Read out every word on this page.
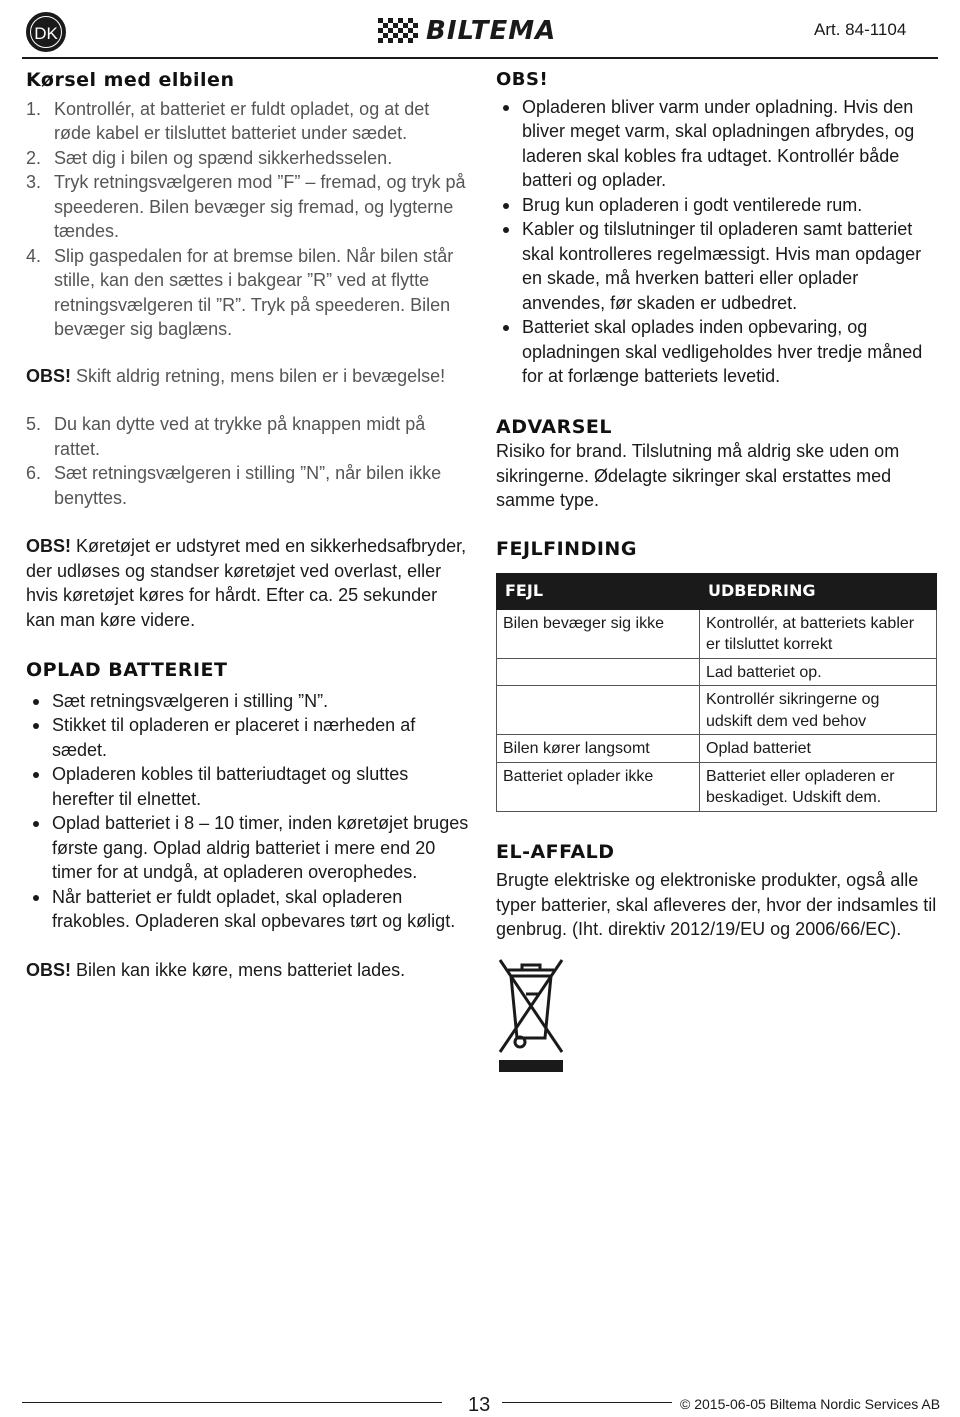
DK	BILTEMA	Art. 84-1104
Kørsel med elbilen
1. Kontrollér, at batteriet er fuldt opladet, og at det røde kabel er tilsluttet batteriet under sædet.
2. Sæt dig i bilen og spænd sikkerhedsselen.
3. Tryk retningsvælgeren mod ”F” – fremad, og tryk på speederen. Bilen bevæger sig fremad, og lygterne tændes.
4. Slip gaspedalen for at bremse bilen. Når bilen står stille, kan den sættes i bakgear ”R” ved at flytte retningsvælgeren til ”R”. Tryk på speederen. Bilen bevæger sig baglæns.
OBS! Skift aldrig retning, mens bilen er i bevægelse!
5. Du kan dytte ved at trykke på knappen midt på rattet.
6. Sæt retningsvælgeren i stilling ”N”, når bilen ikke benyttes.
OBS! Køretøjet er udstyret med en sikkerhedsafbryder, der udløses og standser køretøjet ved overlast, eller hvis køretøjet køres for hårdt. Efter ca. 25 sekunder kan man køre videre.
OPLAD BATTERIET
Sæt retningsvælgeren i stilling ”N”.
Stikket til opladeren er placeret i nærheden af sædet.
Opladeren kobles til batteriudtaget og sluttes herefter til elnettet.
Oplad batteriet i 8 – 10 timer, inden køretøjet bruges første gang. Oplad aldrig batteriet i mere end 20 timer for at undgå, at opladeren overophedes.
Når batteriet er fuldt opladet, skal opladeren frakobles. Opladeren skal opbevares tørt og køligt.
OBS! Bilen kan ikke køre, mens batteriet lades.
OBS!
Opladeren bliver varm under opladning. Hvis den bliver meget varm, skal opladningen afbrydes, og laderen skal kobles fra udtaget. Kontrollér både batteri og oplader.
Brug kun opladeren i godt ventilerede rum.
Kabler og tilslutninger til opladeren samt batteriet skal kontrolleres regelmæssigt. Hvis man opdager en skade, må hverken batteri eller oplader anvendes, før skaden er udbedret.
Batteriet skal oplades inden opbevaring, og opladningen skal vedligeholdes hver tredje måned for at forlænge batteriets levetid.
ADVARSEL
Risiko for brand. Tilslutning må aldrig ske uden om sikringerne. Ødelagte sikringer skal erstattes med samme type.
FEJLFINDING
FEJL	UDBEDRING
Bilen bevæger sig ikke	Kontrollér, at batteriets kabler er tilsluttet korrekt
	Lad batteriet op.
	Kontrollér sikringerne og udskift dem ved behov
Bilen kører langsomt	Oplad batteriet
Batteriet oplader ikke	Batteriet eller opladeren er beskadiget. Udskift dem.
EL-AFFALD
Brugte elektriske og elektroniske produkter, også alle typer batterier, skal afleveres der, hvor der indsamles til genbrug. (Iht. direktiv 2012/19/EU og 2006/66/EC).
13	© 2015-06-05 Biltema Nordic Services AB
